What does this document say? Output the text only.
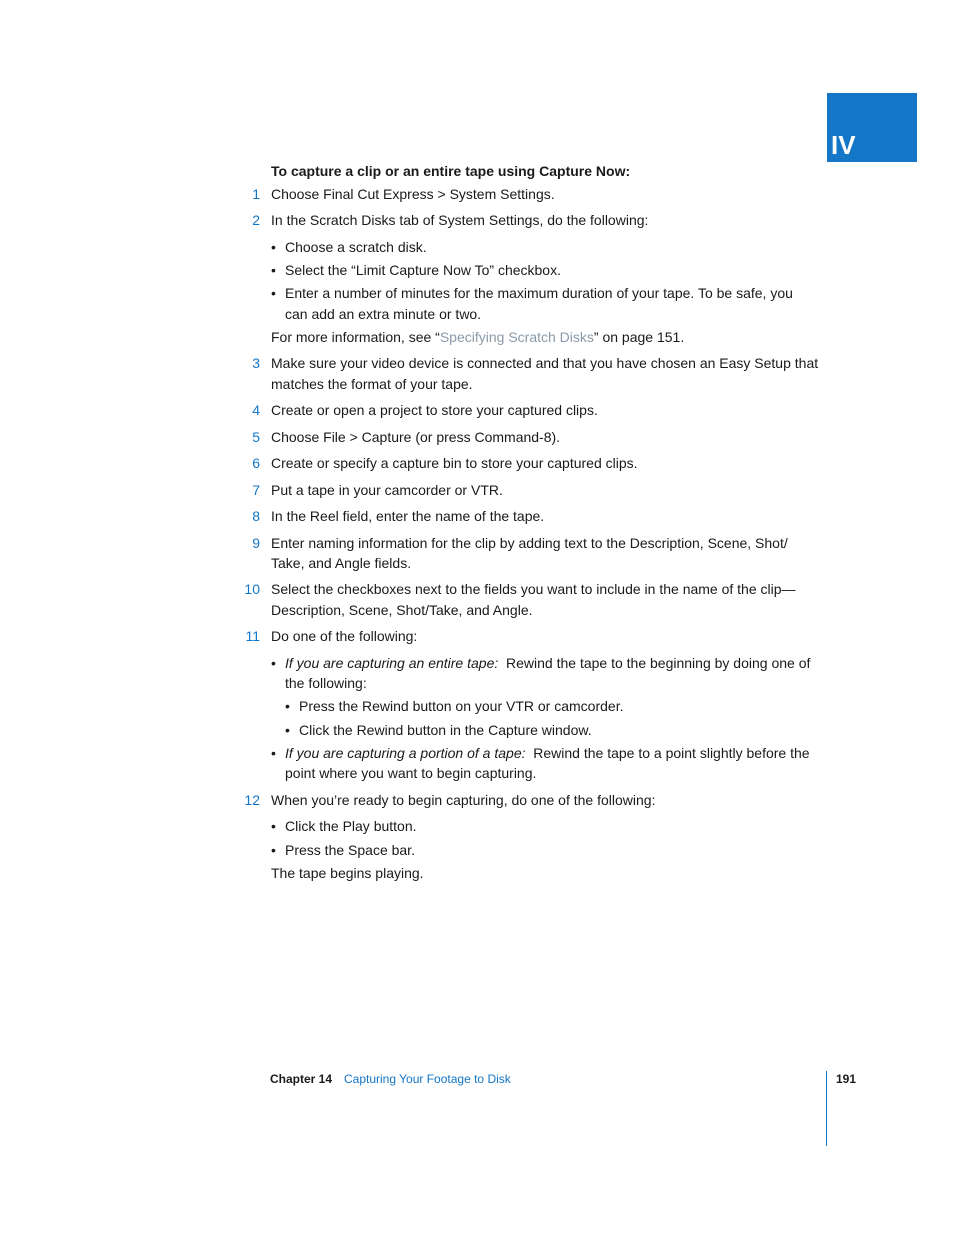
IV
To capture a clip or an entire tape using Capture Now:
1 Choose Final Cut Express > System Settings.
2 In the Scratch Disks tab of System Settings, do the following:
• Choose a scratch disk.
• Select the “Limit Capture Now To” checkbox.
• Enter a number of minutes for the maximum duration of your tape. To be safe, you
can add an extra minute or two.
For more information, see “Specifying Scratch Disks” on page 151.
3 Make sure your video device is connected and that you have chosen an Easy Setup that
matches the format of your tape.
4 Create or open a project to store your captured clips.
5 Choose File > Capture (or press Command-8).
6 Create or specify a capture bin to store your captured clips.
7 Put a tape in your camcorder or VTR.
8 In the Reel field, enter the name of the tape.
9 Enter naming information for the clip by adding text to the Description, Scene, Shot/
Take, and Angle fields.
10 Select the checkboxes next to the fields you want to include in the name of the clip—
Description, Scene, Shot/Take, and Angle.
11 Do one of the following:
• If you are capturing an entire tape: Rewind the tape to the beginning by doing one of
the following:
• Press the Rewind button on your VTR or camcorder.
• Click the Rewind button in the Capture window.
• If you are capturing a portion of a tape: Rewind the tape to a point slightly before the
point where you want to begin capturing.
12 When you’re ready to begin capturing, do one of the following:
• Click the Play button.
• Press the Space bar.
The tape begins playing.
Chapter 14 Capturing Your Footage to Disk	191
